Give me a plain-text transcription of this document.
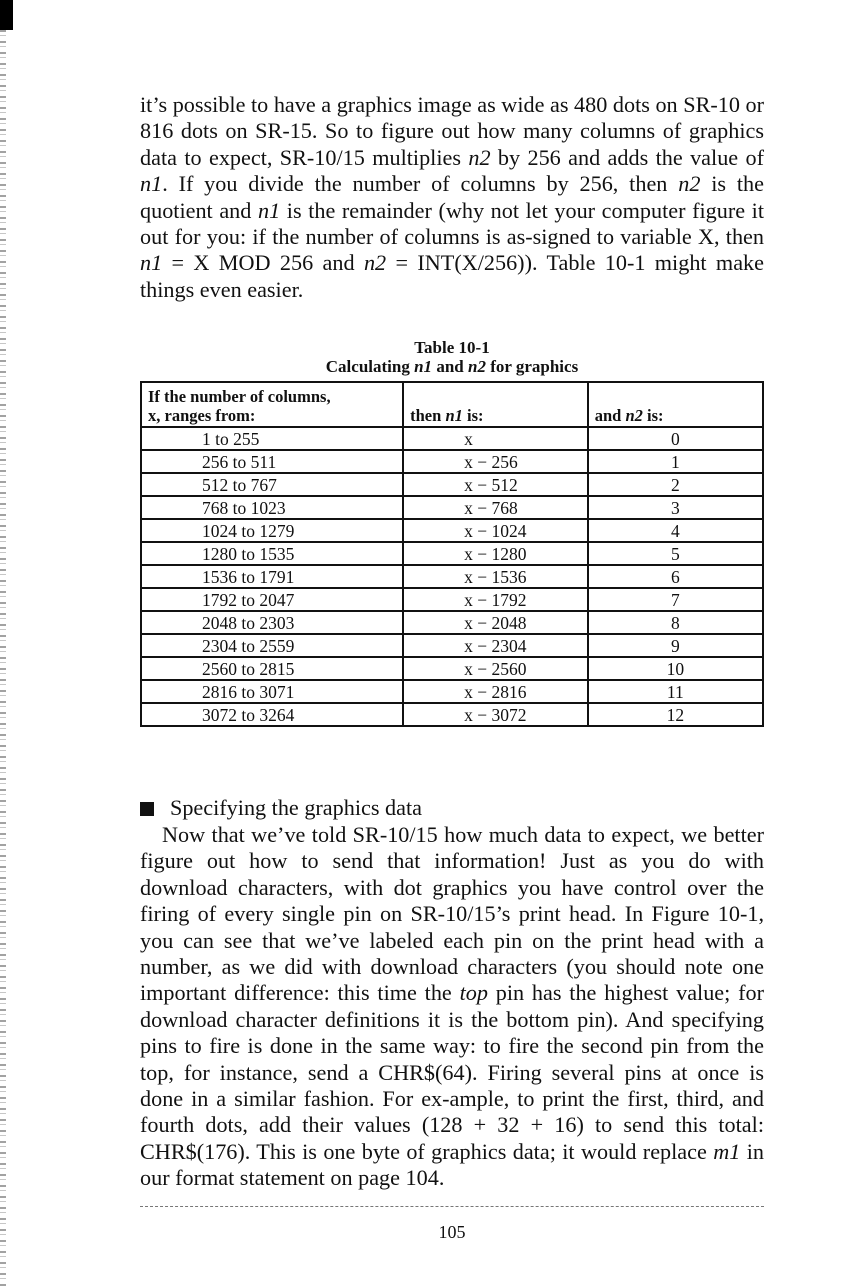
it’s possible to have a graphics image as wide as 480 dots on SR-10 or 816 dots on SR-15. So to figure out how many columns of graphics data to expect, SR-10/15 multiplies n2 by 256 and adds the value of n1. If you divide the number of columns by 256, then n2 is the quotient and n1 is the remainder (why not let your computer figure it out for you: if the number of columns is as-signed to variable X, then n1 = X MOD 256 and n2 = INT(X/256)). Table 10-1 might make things even easier.

Table 10-1
Calculating n1 and n2 for graphics
If the number of columns,
x, ranges from:	then n1 is:	and n2 is:
1 to 255	x	0
256 to 511	x − 256	1
512 to 767	x − 512	2
768 to 1023	x − 768	3
1024 to 1279	x − 1024	4
1280 to 1535	x − 1280	5
1536 to 1791	x − 1536	6
1792 to 2047	x − 1792	7
2048 to 2303	x − 2048	8
2304 to 2559	x − 2304	9
2560 to 2815	x − 2560	10
2816 to 3071	x − 2816	11
3072 to 3264	x − 3072	12
Specifying the graphics data

Now that we’ve told SR-10/15 how much data to expect, we better figure out how to send that information! Just as you do with download characters, with dot graphics you have control over the firing of every single pin on SR-10/15’s print head. In Figure 10-1, you can see that we’ve labeled each pin on the print head with a number, as we did with download characters (you should note one important difference: this time the top pin has the highest value; for download character definitions it is the bottom pin). And specifying pins to fire is done in the same way: to fire the second pin from the top, for instance, send a CHR$(64). Firing several pins at once is done in a similar fashion. For ex-ample, to print the first, third, and fourth dots, add their values (128 + 32 + 16) to send this total: CHR$(176). This is one byte of graphics data; it would replace m1 in our format statement on page 104.

105
